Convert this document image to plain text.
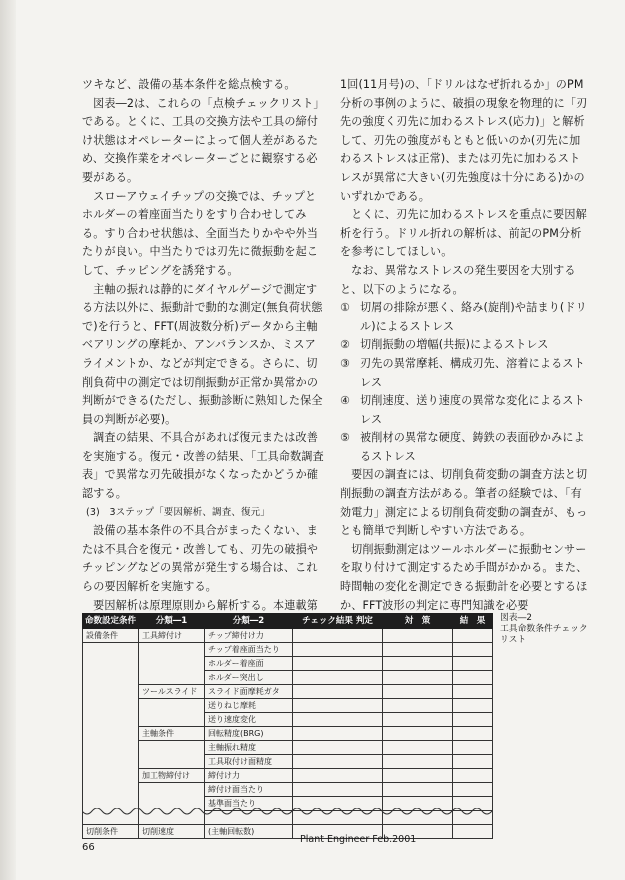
ツキなど、設備の基本条件を総点検する。

図表―2は、これらの「点検チェックリスト」である。とくに、工具の交換方法や工具の締付け状態はオペレーターによって個人差があるため、交換作業をオペレーターごとに観察する必要がある。

スローアウェイチップの交換では、チップとホルダーの着座面当たりをすり合わせしてみる。すり合わせ状態は、全面当たりかやや外当たりが良い。中当たりでは刃先に微振動を起こして、チッピングを誘発する。

主軸の振れは静的にダイヤルゲージで測定する方法以外に、振動計で動的な測定(無負荷状態で)を行うと、FFT(周波数分析)データから主軸ベアリングの摩耗か、アンバランスか、ミスアライメントか、などが判定できる。さらに、切削負荷中の測定では切削振動が正常か異常かの判断ができる(ただし、振動診断に熟知した保全員の判断が必要)。

調査の結果、不具合があれば復元または改善を実施する。復元・改善の結果、「工具命数調査表」で異常な刃先破損がなくなったかどうか確認する。

(3)　3ステップ「要因解析、調査、復元」

設備の基本条件の不具合がまったくない、または不具合を復元・改善しても、刃先の破損やチッピングなどの異常が発生する場合は、これらの要因解析を実施する。

要因解析は原理原則から解析する。本連載第

1回(11月号)の、「ドリルはなぜ折れるか」のPM分析の事例のように、破損の現象を物理的に「刃先の強度く刃先に加わるストレス(応力)」と解析して、刃先の強度がもともと低いのか(刃先に加わるストレスは正常)、または刃先に加わるストレスが異常に大きい(刃先強度は十分にある)かのいずれかである。

とくに、刃先に加わるストレスを重点に要因解析を行う。ドリル折れの解析は、前記のPM分析を参考にしてほしい。

なお、異常なストレスの発生要因を大別すると、以下のようになる。

① 切屑の排除が悪く、絡み(旋削)や詰まり(ドリル)によるストレス
② 切削振動の増幅(共振)によるストレス
③ 刃先の異常摩耗、構成刃先、溶着によるストレス
④ 切削速度、送り速度の異常な変化によるストレス
⑤ 被削材の異常な硬度、鋳鉄の表面砂かみによるストレス

要因の調査には、切削負荷変動の調査方法と切削振動の調査方法がある。筆者の経験では、「有効電力」測定による切削負荷変動の調査が、もっとも簡単で判断しやすい方法である。

切削振動測定はツールホルダーに振動センサーを取り付けて測定するため手間がかかる。また、時間軸の変化を測定できる振動計を必要とするほか、FFT波形の判定に専門知識を必要

命数設定条件	分類―1	分類―2	チェック結果 判定	対　策	結　果
設備条件	工具締付け	チップ締付け力			
		チップ着座面当たり			
		ホルダー着座面			
		ホルダー突出し			
	ツールスライド	スライド面摩耗ガタ			
		送りねじ摩耗			
		送り速度変化			
	主軸条件	回転精度(BRG)			
		主軸振れ精度			
		工具取付け面精度			
	加工物締付け	締付け力			
		締付け面当たり			
		基準面当たり			

切削条件	切削速度	(主軸回転数)			
図表―2
工具命数条件チェックリスト
66
Plant Engineer Feb.2001
